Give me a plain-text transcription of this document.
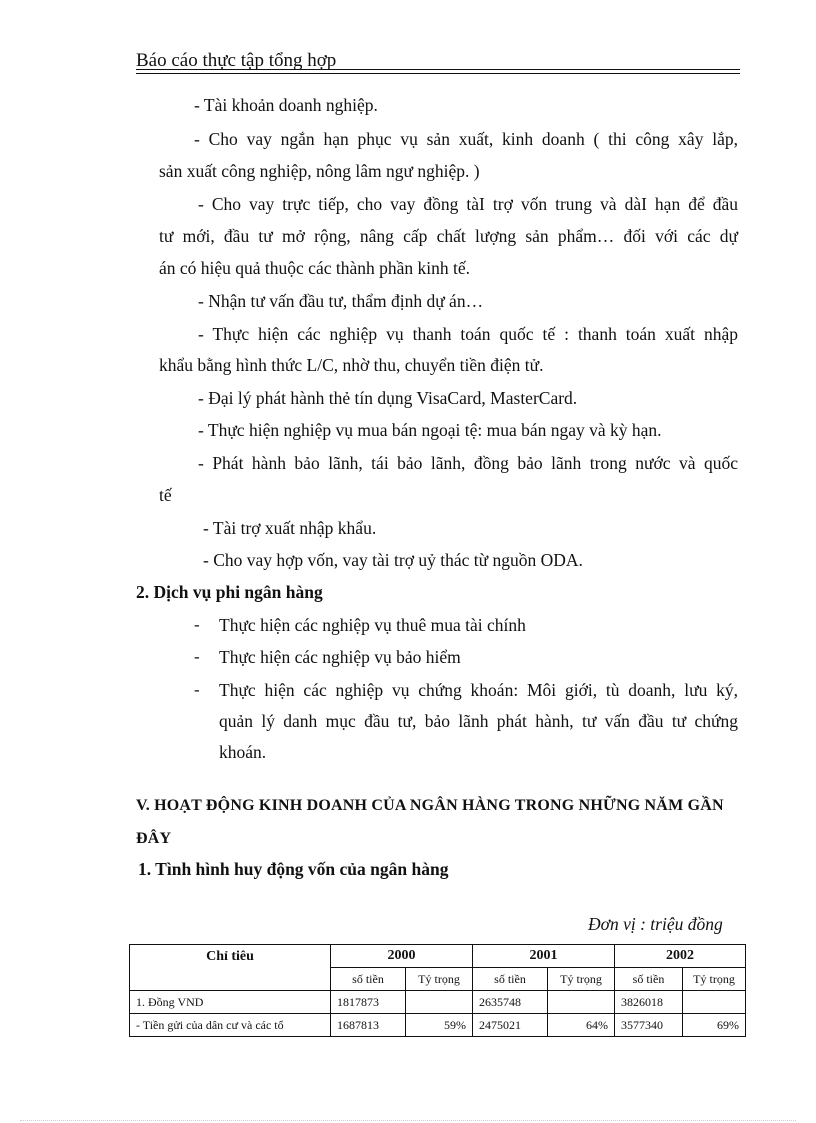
Báo cáo thực tập tổng hợp
- Tài khoản doanh nghiệp.
- Cho vay ngắn hạn phục vụ sản xuất, kinh doanh ( thi công xây lắp,
sản xuất công nghiệp, nông lâm ngư nghiệp. )
- Cho vay trực tiếp, cho vay đồng tàI trợ vốn trung và dàI hạn để đầu
tư mới, đầu tư mở rộng, nâng cấp chất lượng sản phẩm… đối với các dự
án có hiệu quả thuộc các thành phần kinh tế.
- Nhận tư vấn đầu tư, thẩm định dự án…
- Thực hiện các nghiệp vụ thanh toán quốc tế : thanh toán xuất nhập
khẩu bằng hình thức L/C, nhờ thu, chuyển tiền điện tử.
- Đại lý phát hành thẻ tín dụng VisaCard, MasterCard.
- Thực hiện nghiệp vụ mua bán ngoại tệ: mua bán ngay và kỳ hạn.
- Phát hành bảo lãnh, tái bảo lãnh, đồng bảo lãnh trong nước và quốc
tế
- Tài trợ xuất nhập khẩu.
- Cho vay hợp vốn, vay tài trợ uỷ thác từ nguồn ODA.
2. Dịch vụ phi ngân hàng
- Thực hiện các nghiệp vụ thuê mua tài chính
- Thực hiện các nghiệp vụ bảo hiểm
- Thực hiện các nghiệp vụ chứng khoán: Môi giới, tù doanh, lưu ký,
quản lý danh mục đầu tư, bảo lãnh phát hành, tư vấn đầu tư chứng
khoán.
V. HOẠT ĐỘNG KINH DOANH CỦA NGÂN HÀNG TRONG NHỮNG NĂM GẦN
ĐÂY
1. Tình hình huy động vốn của ngân hàng
Đơn vị : triệu đồng
Chỉ tiêu	2000		2001		2002	
	số tiền	Tỷ trọng	số tiền	Tỷ trọng	số tiền	Tỷ trọng
1. Đồng VND	1817873		2635748		3826018	
- Tiền gửi của dân cư và các tổ	1687813	59%	2475021	64%	3577340	69%
